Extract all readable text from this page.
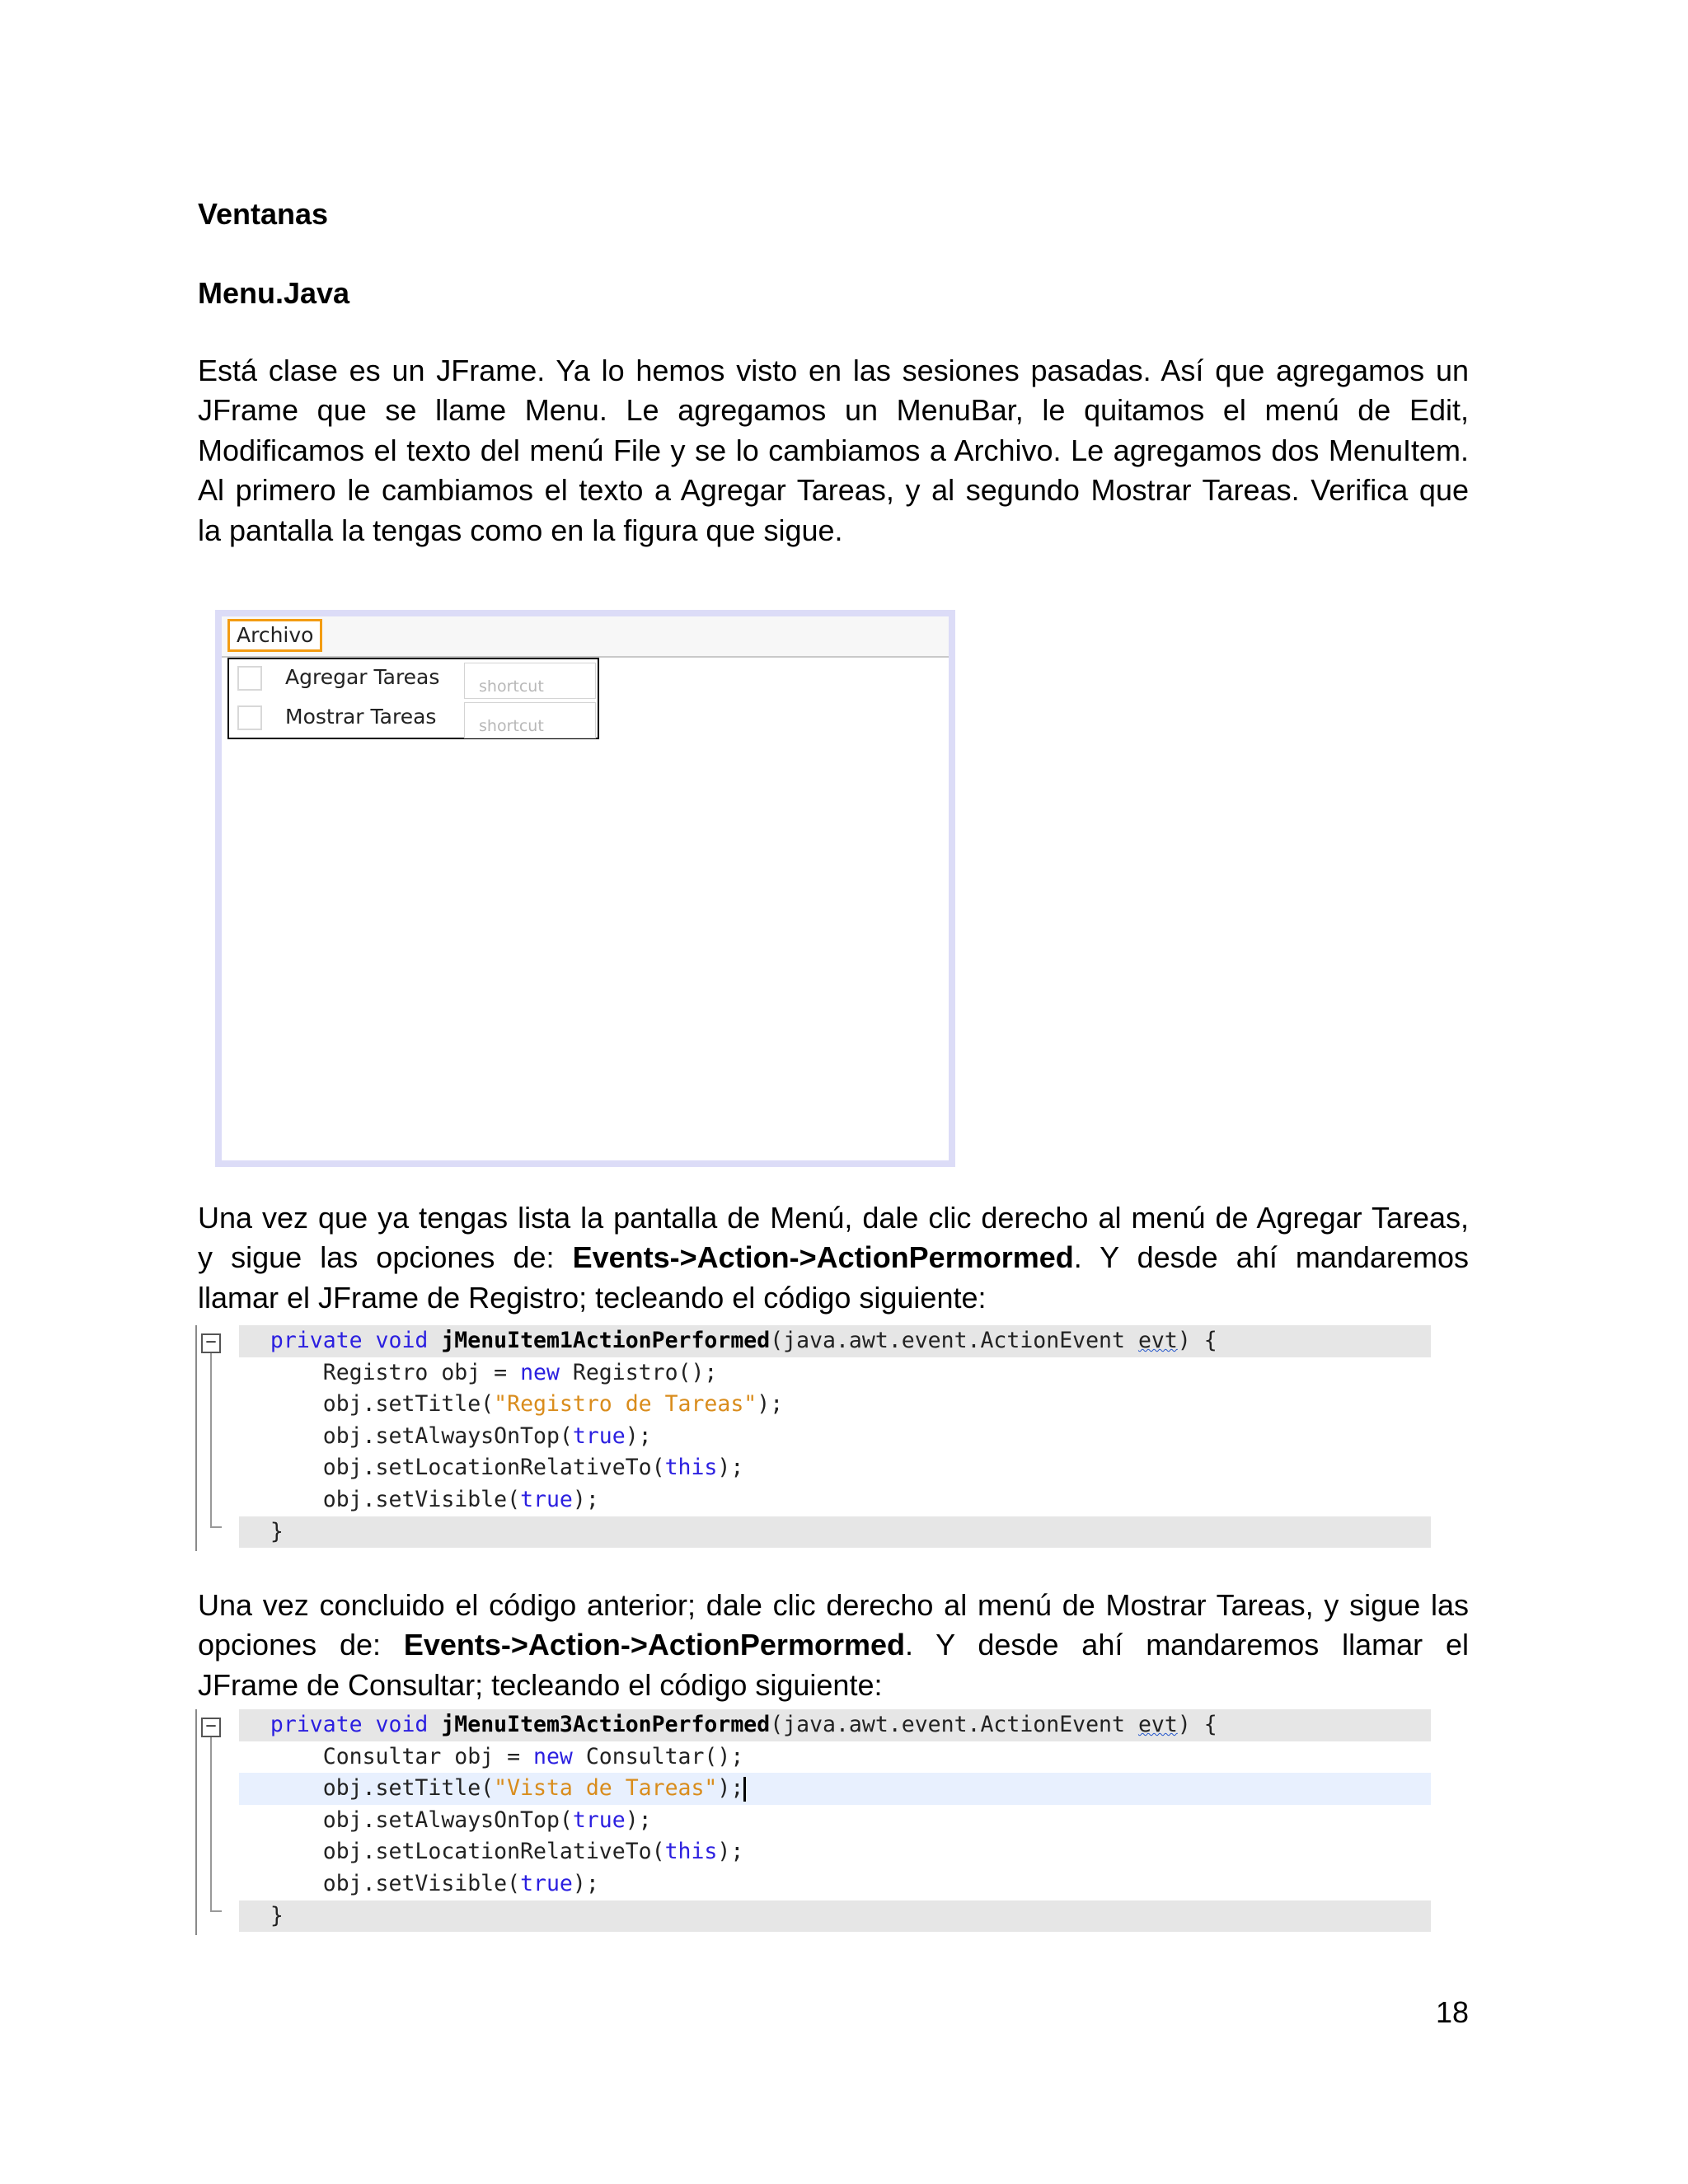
Ventanas
Menu.Java
Está clase es un JFrame. Ya lo hemos visto en las sesiones pasadas. Así que agregamos un
JFrame que se llame Menu. Le agregamos un MenuBar, le quitamos el menú de Edit,
Modificamos el texto del menú File y se lo cambiamos a Archivo. Le agregamos dos MenuItem.
Al primero le cambiamos el texto a Agregar Tareas, y al segundo Mostrar Tareas. Verifica que
la pantalla la tengas como en la figura que sigue.
Archivo
Agregar Tareas	shortcut
Mostrar Tareas	shortcut
Una vez que ya tengas lista la pantalla de Menú, dale clic derecho al menú de Agregar Tareas,
y sigue las opciones de: Events->Action->ActionPermormed. Y desde ahí mandaremos
llamar el JFrame de Registro; tecleando el código siguiente:
−	private void jMenuItem1ActionPerformed(java.awt.event.ActionEvent evt) {
Registro obj = new Registro();
obj.setTitle("Registro de Tareas");
obj.setAlwaysOnTop(true);
obj.setLocationRelativeTo(this);
obj.setVisible(true);
}
Una vez concluido el código anterior; dale clic derecho al menú de Mostrar Tareas, y sigue las
opciones de: Events->Action->ActionPermormed. Y desde ahí mandaremos llamar el
JFrame de Consultar; tecleando el código siguiente:
−	private void jMenuItem3ActionPerformed(java.awt.event.ActionEvent evt) {
Consultar obj = new Consultar();
obj.setTitle("Vista de Tareas");
obj.setAlwaysOnTop(true);
obj.setLocationRelativeTo(this);
obj.setVisible(true);
}
18
